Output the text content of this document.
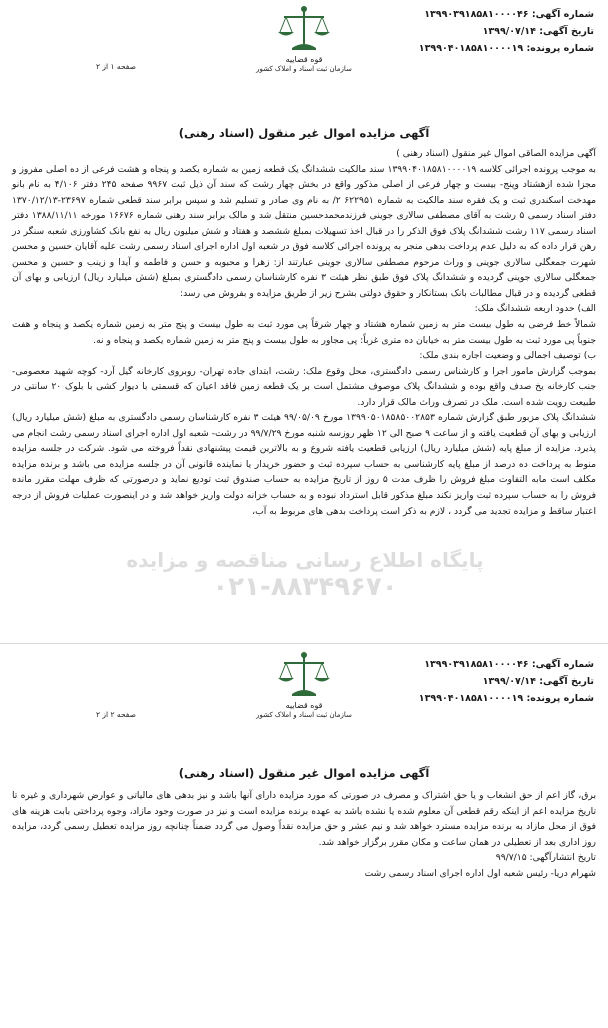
شماره آگهی: ۱۳۹۹۰۳۹۱۸۵۸۱۰۰۰۰۴۶
تاریخ آگهی: ۱۳۹۹/۰۷/۱۴
شماره پرونده: ۱۳۹۹۰۴۰۱۸۵۸۱۰۰۰۰۱۹
قوه قضاییه
سازمان ثبت اسناد و املاک کشور
صفحه ۱ از ۲
آگهی مزایده اموال غیر منقول (اسناد رهنی)

آگهی مزایده الصاقی اموال غیر منقول (اسناد رهنی )

به موجب پرونده اجرائی کلاسه ۱۳۹۹۰۴۰۱۸۵۸۱۰۰۰۰۱۹ سند مالکیت ششدانگ یک قطعه زمین به شماره یکصد و پنجاه و هشت فرعی از ده اصلی مفروز و مجزا شده ازهشتاد وپنج- بیست و چهار فرعی از اصلی مذکور واقع در بخش چهار رشت که سند آن ذیل ثبت ۹۹۶۷ صفحه ۲۴۵ دفتر ۴/۱۰۶ به نام بانو مهدخت اسکندری ثبت و یک فقره سند مالکیت به شماره ۶۲۲۹۵۱ ۲/ به نام وی صادر و تسلیم شد و سپس برابر سند قطعی شماره ۲۳۶۹۷-۱۳۷۰/۱۲/۱۳ دفتر اسناد رسمی ۵ رشت به آقای مصطفی سالاری جوینی فرزندمحمدحسین منتقل شد و مالک برابر سند رهنی شماره ۱۶۶۷۶ مورخه ۱۳۸۸/۱۱/۱۱ دفتر اسناد رسمی ۱۱۷ رشت ششدانگ پلاک فوق الذکر را در قبال اخذ تسهیلات بمبلغ ششصد و هفتاد و شش میلیون ریال به نفع بانک کشاورزی شعبه سنگر در رهن قرار داده که به دلیل عدم پرداخت بدهی منجر به پرونده اجرائی کلاسه فوق در شعبه اول اداره اجرای اسناد رسمی رشت علیه آقایان حسین و محسن شهرت جمعگلی سالاری جوینی و وراث مرحوم مصطفی سالاری جوینی عبارتند از: زهرا و محبوبه و حسن و فاطمه و آیدا و زینب و حسین و محسن جمعگلی سالاری جوینی گردیده و ششدانگ پلاک فوق طبق نظر هیئت ۳ نفره کارشناسان رسمی دادگستری بمبلغ (شش میلیارد ریال) ارزیابی و بهای آن قطعی گردیده و در قبال مطالبات بانک بستانکار و حقوق دولتی بشرح زیر از طریق مزایده و بفروش می رسد:

الف) حدود اربعه ششدانگ ملک:

شمالاً خط فرضی به طول بیست متر به زمین شماره هشتاد و چهار شرقاً پی مورد ثبت به طول بیست و پنج متر به زمین شماره یکصد و پنجاه و هفت جنوباً پی مورد ثبت به طول بیست متر به خیابان ده متری غرباً: پی مجاور به طول بیست و پنج متر به زمین شماره یکصد و پنجاه و نه.

ب) توصیف اجمالی و وضعیت اجاره بندی ملک:

بموجب گزارش مامور اجرا و کارشناس رسمی دادگستری، محل وقوع ملک: رشت، ابتدای جاده تهران- روبروی کارخانه گیل آرد- کوچه شهید معصومی- جنب کارخانه یخ صدف واقع بوده و ششدانگ پلاک موصوف مشتمل است بر یک قطعه زمین فاقد اعیان که قسمتی با دیوار کشی با بلوک ۲۰ سانتی در طبیعت رویت شده است. ملک در تصرف وراث مالک قرار دارد.

ششدانگ پلاک مزبور طبق گزارش شماره ۱۳۹۹۰۵۰۱۸۵۸۵۰۰۲۸۵۳ مورخ ۹۹/۰۵/۰۹ هیئت ۳ نفره کارشناسان رسمی دادگستری به مبلغ (شش میلیارد ریال) ارزیابی و بهای آن قطعیت یافته و از ساعت ۹ صبح الی ۱۲ ظهر روزسه شنبه مورخ ۹۹/۷/۲۹ در رشت- شعبه اول اداره اجرای اسناد رسمی رشت انجام می پذیرد. مزایده از مبلغ پایه (شش میلیارد ریال) ارزیابی قطعیت یافته شروع و به بالاترین قیمت پیشنهادی نقداً فروخته می شود. شرکت در جلسه مزایده منوط به پرداخت ده درصد از مبلغ پایه کارشناسی به حساب سپرده ثبت و حضور خریدار یا نماینده قانونی آن در جلسه مزایده می باشد و برنده مزایده مکلف است مابه التفاوت مبلغ فروش را ظرف مدت ۵ روز از تاریخ مزایده به حساب صندوق ثبت تودیع نماید و درصورتی که ظرف مهلت مقرر مانده فروش را به حساب سپرده ثبت واریز نکند مبلغ مذکور قابل استرداد نبوده و به حساب خزانه دولت واریز خواهد شد و در اینصورت عملیات فروش از درجه اعتبار ساقط و مزایده تجدید می گردد ، لازم به ذکر است پرداخت بدهی های مربوط به آب،

پایگاه اطلاع رسانی مناقصه و مزایده
۰۲۱-۸۸۳۴۹۶۷۰
شماره آگهی: ۱۳۹۹۰۳۹۱۸۵۸۱۰۰۰۰۴۶
تاریخ آگهی: ۱۳۹۹/۰۷/۱۴
شماره پرونده: ۱۳۹۹۰۴۰۱۸۵۸۱۰۰۰۰۱۹
قوه قضاییه
سازمان ثبت اسناد و املاک کشور
صفحه ۲ از ۲
آگهی مزایده اموال غیر منقول (اسناد رهنی)

برق، گاز اعم از حق انشعاب و یا حق اشتراک و مصرف در صورتی که مورد مزایده دارای آنها باشد و نیز بدهی های مالیاتی و عوارض شهرداری و غیره تا تاریخ مزایده اعم از اینکه رقم قطعی آن معلوم شده یا نشده باشد به عهده برنده مزایده است و نیز در صورت وجود مازاد، وجوه پرداختی بابت هزینه های فوق از محل مازاد به برنده مزایده مسترد خواهد شد و نیم عشر و حق مزایده نقداً وصول می گردد ضمناً چنانچه روز مزایده تعطیل رسمی گردد، مزایده روز اداری بعد از تعطیلی در همان ساعت و مکان مقرر برگزار خواهد شد.

تاریخ انتشارآگهی: ۹۹/۷/۱۵

شهرام دریا- رئیس شعبه اول اداره اجرای اسناد رسمی رشت
